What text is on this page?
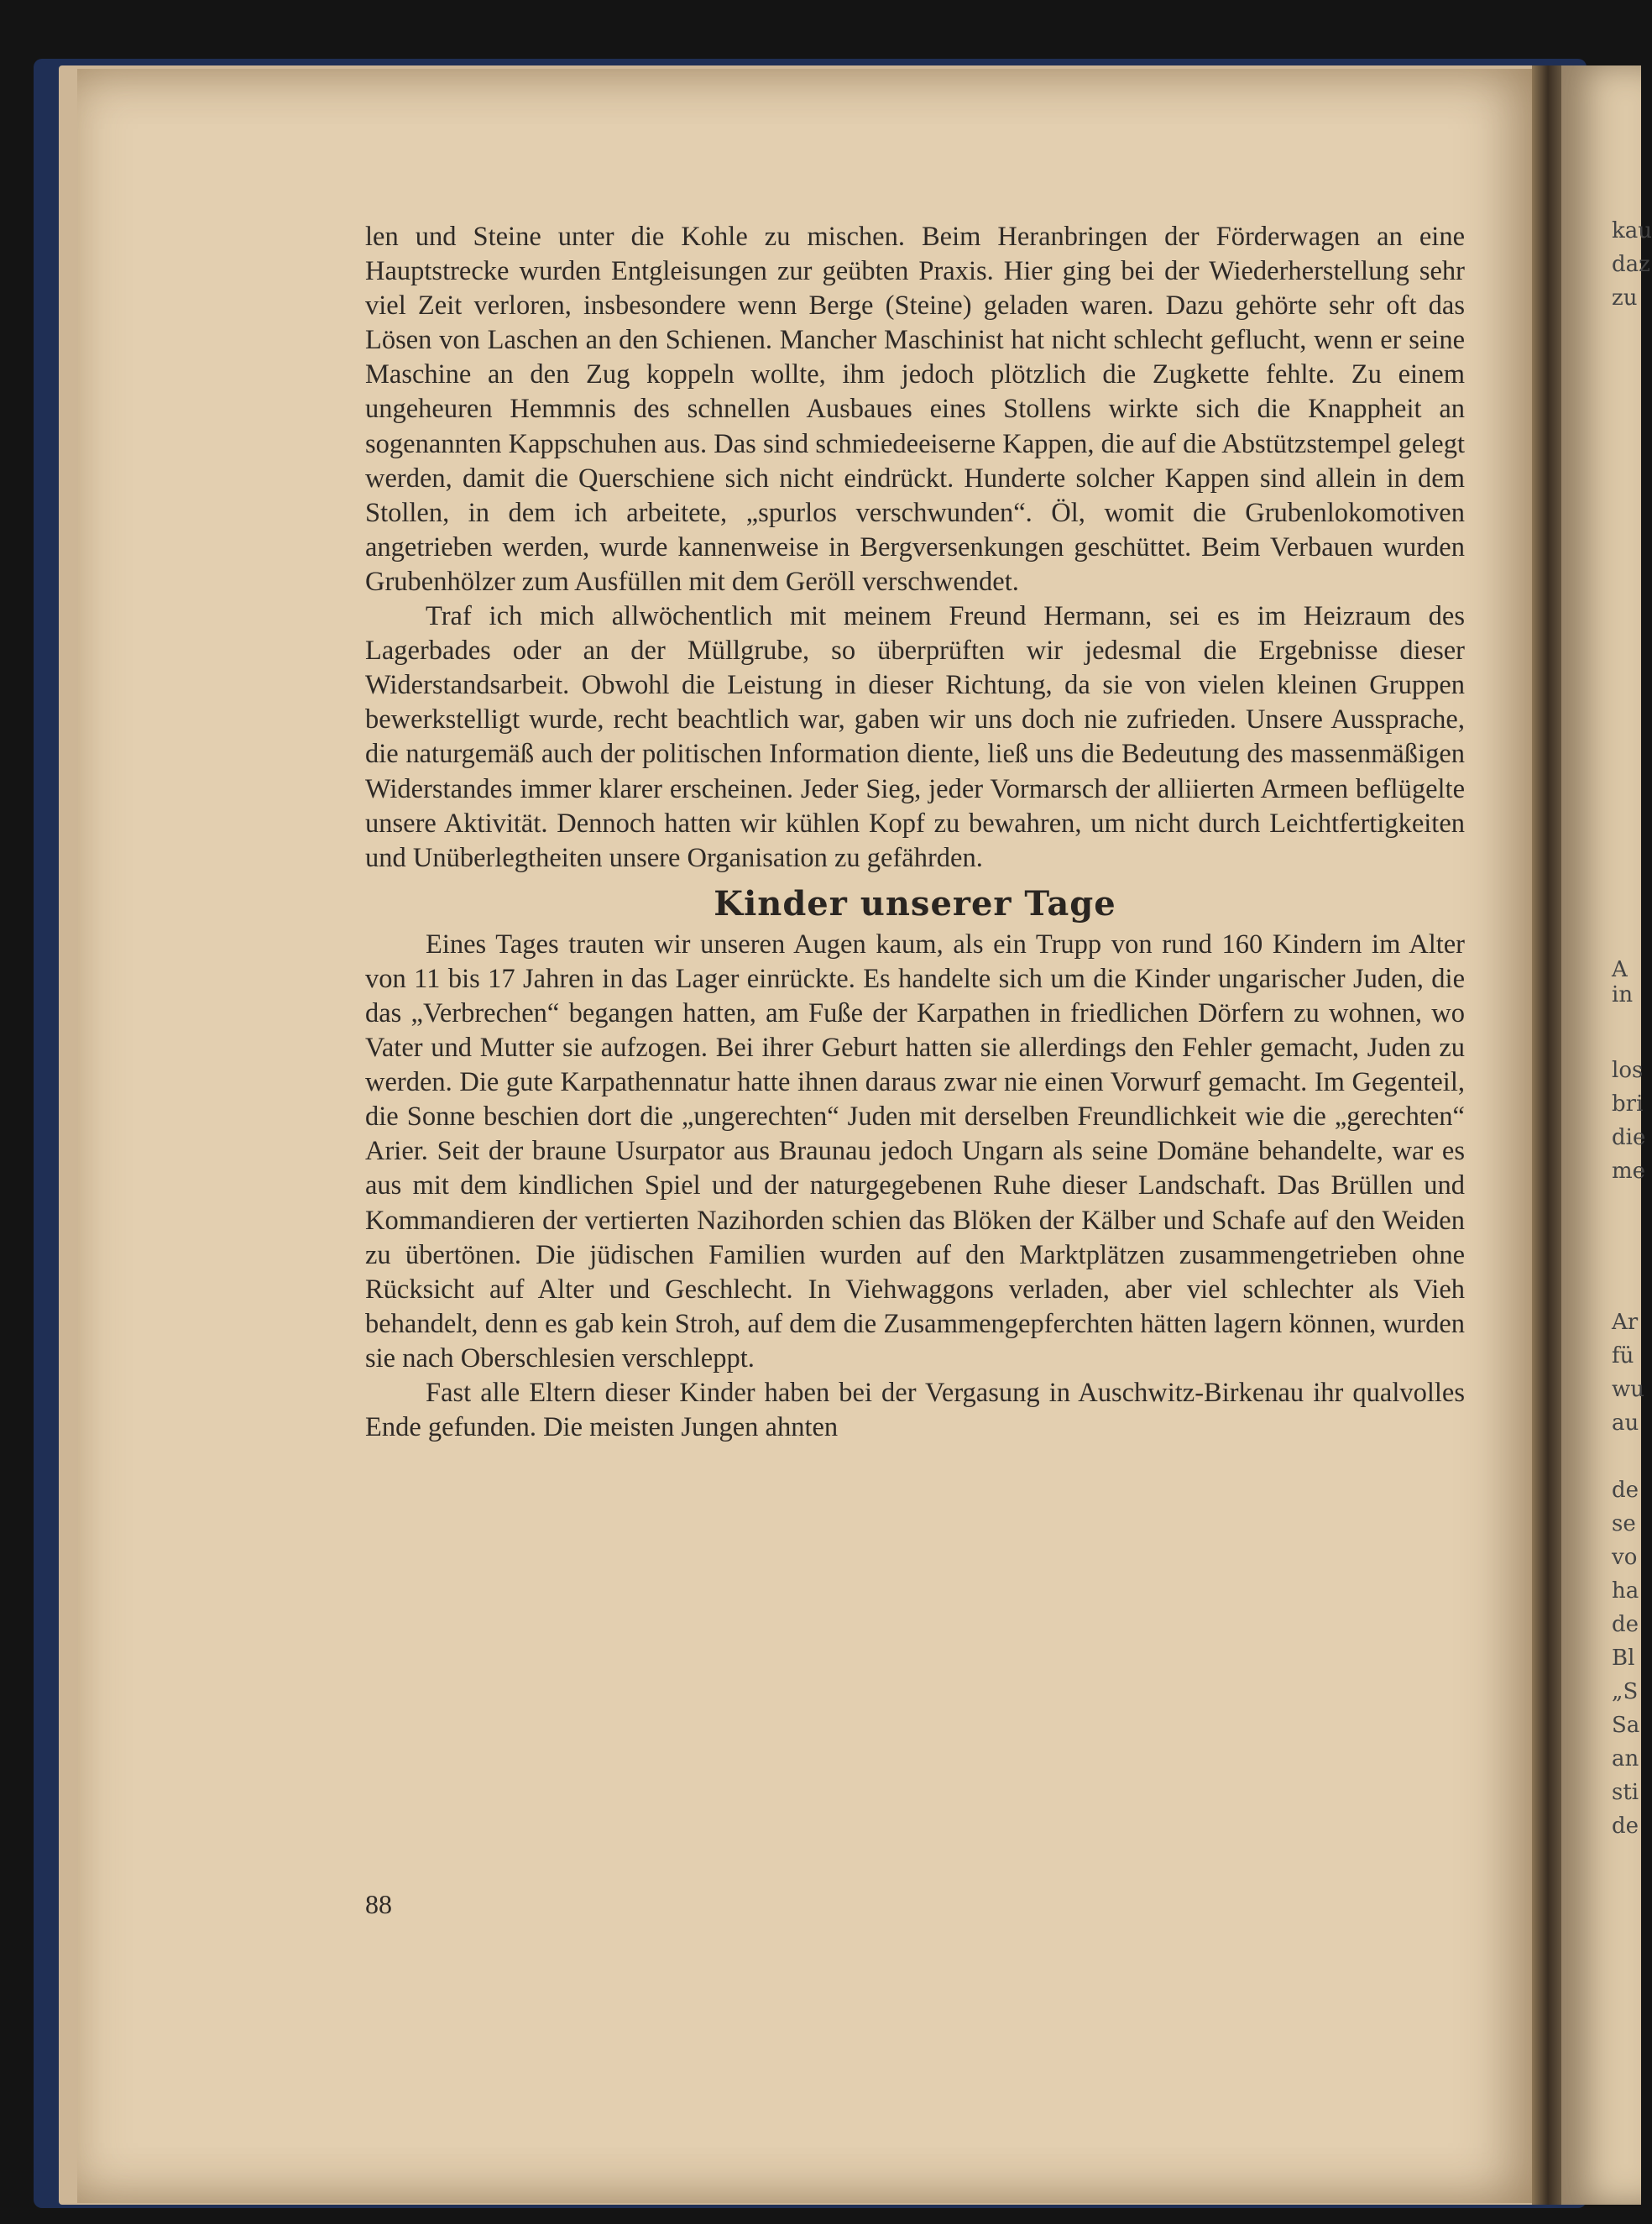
len und Steine unter die Kohle zu mischen. Beim Heranbringen der Förderwagen an eine Hauptstrecke wurden Entgleisungen zur geübten Praxis. Hier ging bei der Wiederherstellung sehr viel Zeit verloren, insbesondere wenn Berge (Steine) geladen waren. Dazu gehörte sehr oft das Lösen von Laschen an den Schienen. Mancher Maschinist hat nicht schlecht geflucht, wenn er seine Maschine an den Zug koppeln wollte, ihm jedoch plötzlich die Zugkette fehlte. Zu einem ungeheuren Hemmnis des schnellen Ausbaues eines Stollens wirkte sich die Knappheit an sogenannten Kappschuhen aus. Das sind schmiedeeiserne Kappen, die auf die Abstützstempel gelegt werden, damit die Querschiene sich nicht eindrückt. Hunderte solcher Kappen sind allein in dem Stollen, in dem ich arbeitete, „spurlos verschwunden“. Öl, womit die Grubenlokomotiven angetrieben werden, wurde kannenweise in Bergversenkungen geschüttet. Beim Verbauen wurden Grubenhölzer zum Ausfüllen mit dem Geröll verschwendet.

Traf ich mich allwöchentlich mit meinem Freund Hermann, sei es im Heizraum des Lagerbades oder an der Müllgrube, so überprüften wir jedesmal die Ergebnisse dieser Widerstandsarbeit. Obwohl die Leistung in dieser Richtung, da sie von vielen kleinen Gruppen bewerkstelligt wurde, recht beachtlich war, gaben wir uns doch nie zufrieden. Unsere Aussprache, die naturgemäß auch der politischen Information diente, ließ uns die Bedeutung des massenmäßigen Widerstandes immer klarer erscheinen. Jeder Sieg, jeder Vormarsch der alliierten Armeen beflügelte unsere Aktivität. Dennoch hatten wir kühlen Kopf zu bewahren, um nicht durch Leichtfertigkeiten und Unüberlegtheiten unsere Organisation zu gefährden.

Kinder unserer Tage

Eines Tages trauten wir unseren Augen kaum, als ein Trupp von rund 160 Kindern im Alter von 11 bis 17 Jahren in das Lager einrückte. Es handelte sich um die Kinder ungarischer Juden, die das „Verbrechen“ begangen hatten, am Fuße der Karpathen in friedlichen Dörfern zu wohnen, wo Vater und Mutter sie aufzogen. Bei ihrer Geburt hatten sie allerdings den Fehler gemacht, Juden zu werden. Die gute Karpathennatur hatte ihnen daraus zwar nie einen Vorwurf gemacht. Im Gegenteil, die Sonne beschien dort die „ungerechten“ Juden mit derselben Freundlichkeit wie die „gerechten“ Arier. Seit der braune Usurpator aus Braunau jedoch Ungarn als seine Domäne behandelte, war es aus mit dem kindlichen Spiel und der naturgegebenen Ruhe dieser Landschaft. Das Brüllen und Kommandieren der vertierten Nazihorden schien das Blöken der Kälber und Schafe auf den Weiden zu übertönen. Die jüdischen Familien wurden auf den Marktplätzen zusammengetrieben ohne Rücksicht auf Alter und Geschlecht. In Viehwaggons verladen, aber viel schlechter als Vieh behandelt, denn es gab kein Stroh, auf dem die Zusammengepferchten hätten lagern können, wurden sie nach Oberschlesien verschleppt.

Fast alle Eltern dieser Kinder haben bei der Vergasung in Auschwitz-Birkenau ihr qualvolles Ende gefunden. Die meisten Jungen ahnten

88
kau
daz
zu
A
in
los
bri
die
me
Ar
fü
wu
au
de
se
vo
ha
de
Bl
„S
Sa
an
sti
de
